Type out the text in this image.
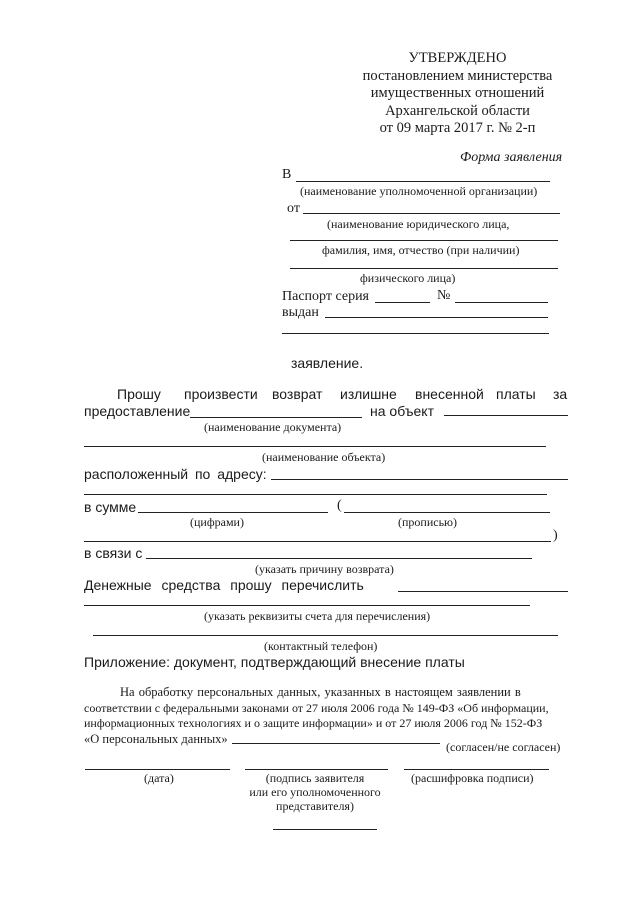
УТВЕРЖДЕНО
постановлением министерства
имущественных отношений
Архангельской области
от 09 марта 2017 г. № 2-п
Форма заявления
В
(наименование уполномоченной организации)
от
(наименование юридического лица,
фамилия, имя, отчество (при наличии)
физического лица)
Паспорт серия	№
выдан
заявление.
Прошу произвести возврат излишне внесенной платы за
предоставление	на объект
(наименование документа)
(наименование объекта)
расположенный по адресу:
в сумме	(
(цифрами)	(прописью)
)
в связи с
(указать причину возврата)
Денежные средства прошу перечислить
(указать реквизиты счета для перечисления)
(контактный телефон)
Приложение: документ, подтверждающий внесение платы
На обработку персональных данных, указанных в настоящем заявлении в
соответствии с федеральными законами от 27 июля 2006 года № 149-ФЗ «Об информации,
информационных технологиях и о защите информации» и от 27 июля 2006 год № 152-ФЗ
«О персональных данных»
(согласен/не согласен)
(дата)	(подпись заявителя
или его уполномоченного
представителя)
(расшифровка подписи)
